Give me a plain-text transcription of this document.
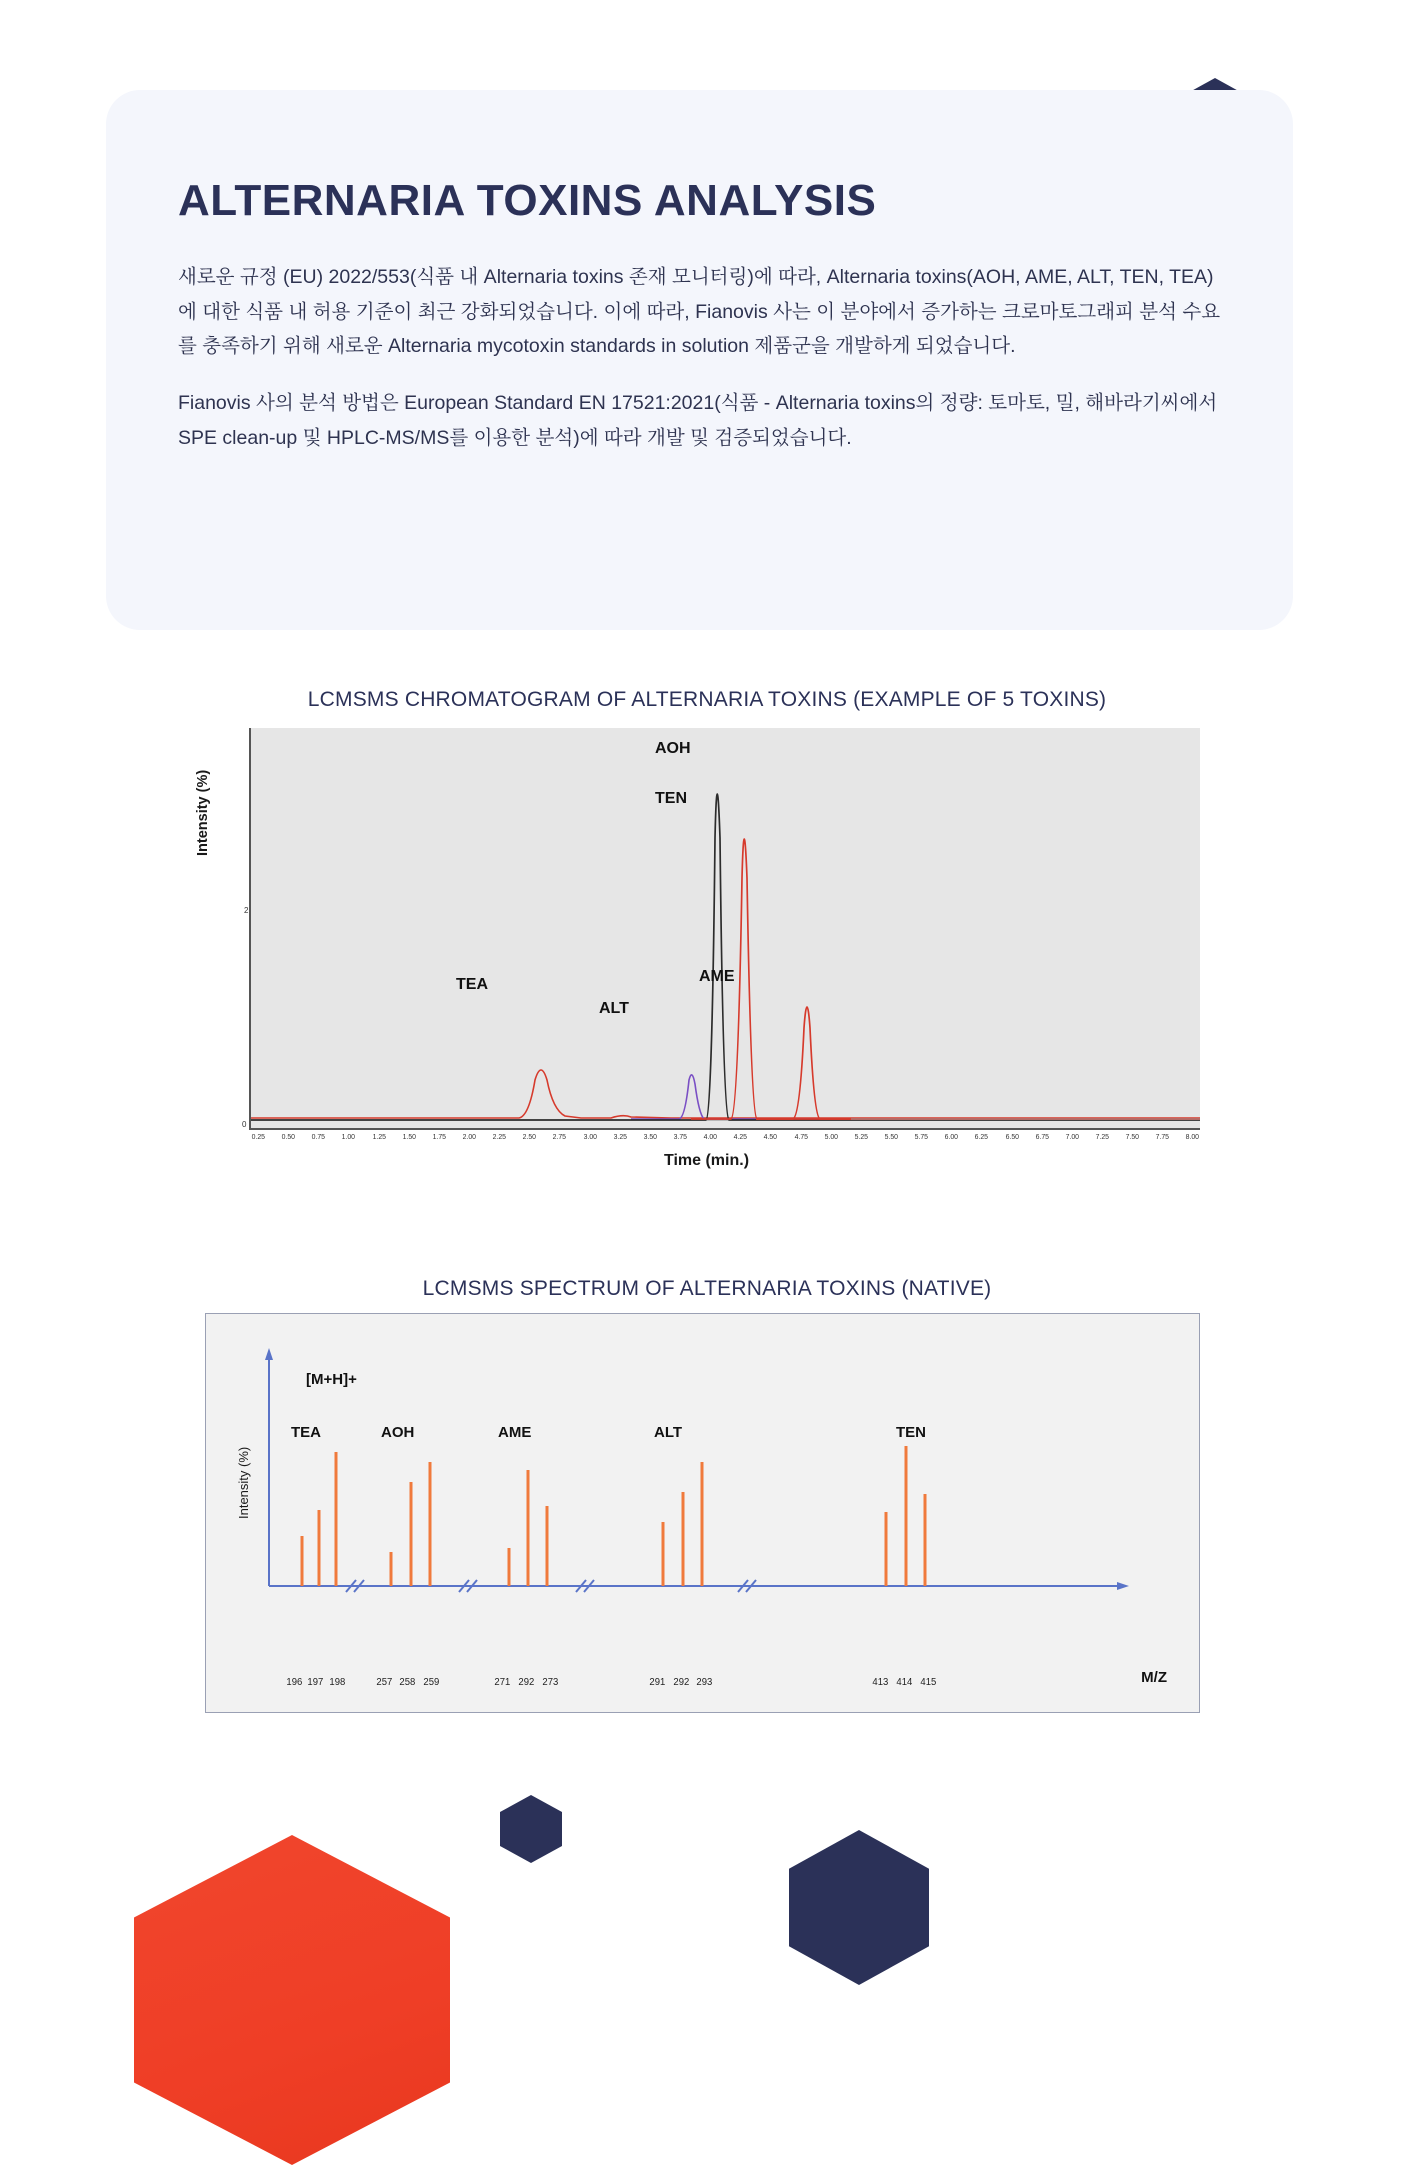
ALTERNARIA TOXINS ANALYSIS

새로운 규정 (EU) 2022/553(식품 내 Alternaria toxins 존재 모니터링)에 따라, Alternaria toxins(AOH, AME, ALT, TEN, TEA)에 대한 식품 내 허용 기준이 최근 강화되었습니다. 이에 따라, Fianovis 사는 이 분야에서 증가하는 크로마토그래피 분석 수요를 충족하기 위해 새로운 Alternaria mycotoxin standards in solution 제품군을 개발하게 되었습니다.

Fianovis 사의 분석 방법은 European Standard EN 17521:2021(식품 - Alternaria toxins의 정량: 토마토, 밀, 해바라기씨에서 SPE clean-up 및 HPLC-MS/MS를 이용한 분석)에 따라 개발 및 검증되었습니다.

LCMSMS CHROMATOGRAM OF ALTERNARIA TOXINS (EXAMPLE OF 5 TOXINS)
Intensity (%)
0
2
TEA
ALT
AOH
TEN
AME
0.25 0.50 0.75 1.00 1.25 1.50 1.75 2.00 2.25 2.50 2.75 3.00 3.25 3.50 3.75 4.00 4.25 4.50 4.75 5.00 5.25 5.50 5.75 6.00 6.25 6.50 6.75 7.00 7.25 7.50 7.75 8.00
Time (min.)
LCMSMS SPECTRUM OF ALTERNARIA TOXINS (NATIVE)
Intensity (%)
[M+H]+
M/Z
TEA	AOH	AME	ALT	TEN
196 197 198	257 258 259	271 292 273	291 292 293	413 414 415
